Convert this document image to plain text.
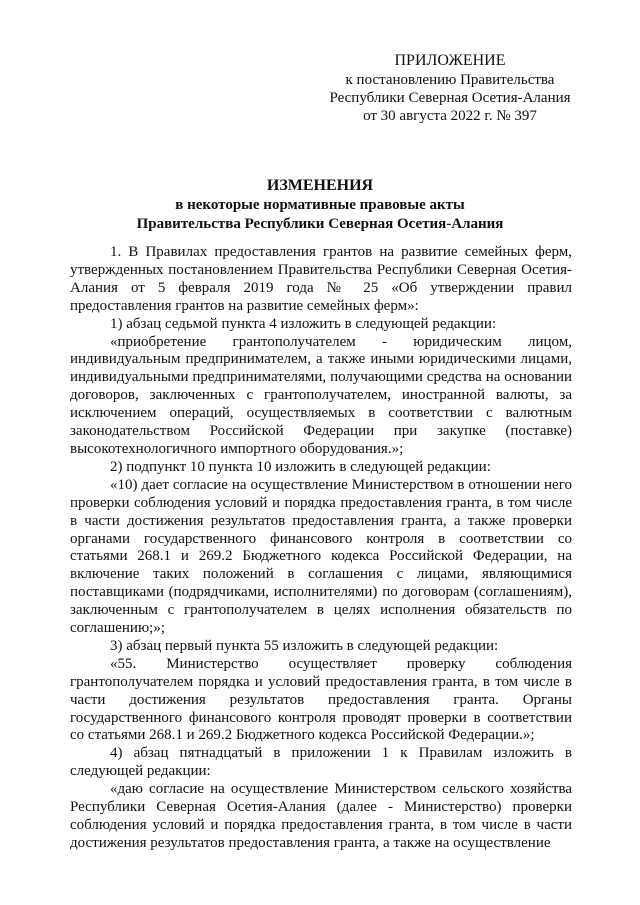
ПРИЛОЖЕНИЕ
к постановлению Правительства
Республики Северная Осетия-Алания
от 30 августа 2022 г. № 397
ИЗМЕНЕНИЯ
в некоторые нормативные правовые акты
Правительства Республики Северная Осетия-Алания

1. В Правилах предоставления грантов на развитие семейных ферм, утвержденных постановлением Правительства Республики Северная Осетия-Алания от 5 февраля 2019 года № 25 «Об утверждении правил предоставления грантов на развитие семейных ферм»:

1) абзац седьмой пункта 4 изложить в следующей редакции:

«приобретение грантополучателем - юридическим лицом, индивидуальным предпринимателем, а также иными юридическими лицами, индивидуальными предпринимателями, получающими средства на основании договоров, заключенных с грантополучателем, иностранной валюты, за исключением операций, осуществляемых в соответствии с валютным законодательством Российской Федерации при закупке (поставке) высокотехнологичного импортного оборудования.»;

2) подпункт 10 пункта 10 изложить в следующей редакции:

«10) дает согласие на осуществление Министерством в отношении него проверки соблюдения условий и порядка предоставления гранта, в том числе в части достижения результатов предоставления гранта, а также проверки органами государственного финансового контроля в соответствии со статьями 268.1 и 269.2 Бюджетного кодекса Российской Федерации, на включение таких положений в соглашения с лицами, являющимися поставщиками (подрядчиками, исполнителями) по договорам (соглашениям), заключенным с грантополучателем в целях исполнения обязательств по соглашению;»;

3) абзац первый пункта 55 изложить в следующей редакции:

«55. Министерство осуществляет проверку соблюдения грантополучателем порядка и условий предоставления гранта, в том числе в части достижения результатов предоставления гранта. Органы государственного финансового контроля проводят проверки в соответствии со статьями 268.1 и 269.2 Бюджетного кодекса Российской Федерации.»;

4) абзац пятнадцатый в приложении 1 к Правилам изложить в следующей редакции:

«даю согласие на осуществление Министерством сельского хозяйства Республики Северная Осетия-Алания (далее - Министерство) проверки соблюдения условий и порядка предоставления гранта, в том числе в части достижения результатов предоставления гранта, а также на осуществление
